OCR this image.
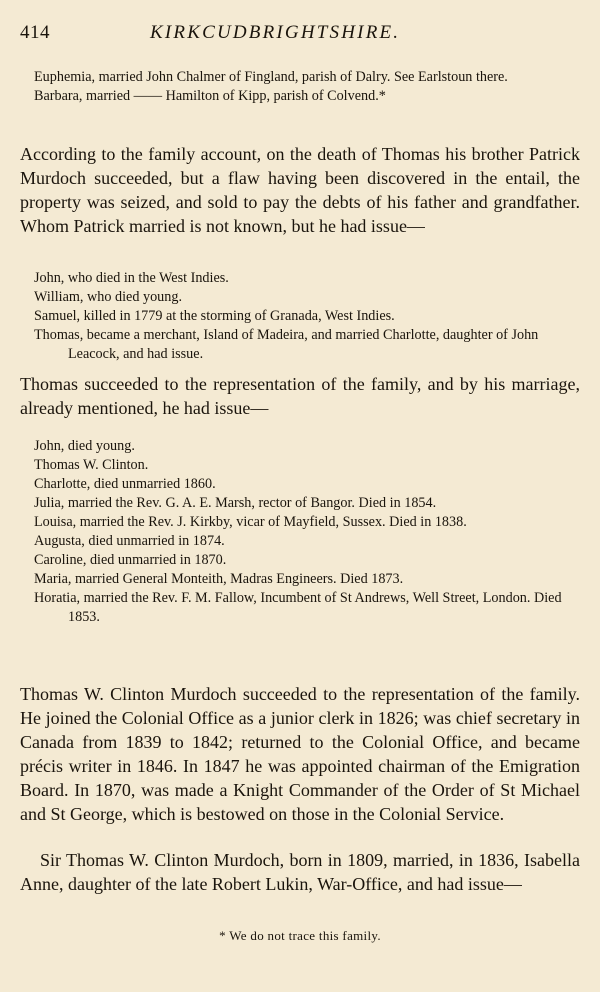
414	KIRKCUDBRIGHTSHIRE.
Euphemia, married John Chalmer of Fingland, parish of Dalry. See Earlstoun there.
Barbara, married —— Hamilton of Kipp, parish of Colvend.*

According to the family account, on the death of Thomas his brother Patrick Murdoch succeeded, but a flaw having been discovered in the entail, the property was seized, and sold to pay the debts of his father and grandfather. Whom Patrick married is not known, but he had issue—

John, who died in the West Indies.
William, who died young.
Samuel, killed in 1779 at the storming of Granada, West Indies.
Thomas, became a merchant, Island of Madeira, and married Charlotte, daughter of John Leacock, and had issue.

Thomas succeeded to the representation of the family, and by his marriage, already mentioned, he had issue—

John, died young.
Thomas W. Clinton.
Charlotte, died unmarried 1860.
Julia, married the Rev. G. A. E. Marsh, rector of Bangor. Died in 1854.
Louisa, married the Rev. J. Kirkby, vicar of Mayfield, Sussex. Died in 1838.
Augusta, died unmarried in 1874.
Caroline, died unmarried in 1870.
Maria, married General Monteith, Madras Engineers. Died 1873.
Horatia, married the Rev. F. M. Fallow, Incumbent of St Andrews, Well Street, London. Died 1853.

Thomas W. Clinton Murdoch succeeded to the representation of the family. He joined the Colonial Office as a junior clerk in 1826; was chief secretary in Canada from 1839 to 1842; returned to the Colonial Office, and became précis writer in 1846. In 1847 he was appointed chairman of the Emigration Board. In 1870, was made a Knight Commander of the Order of St Michael and St George, which is bestowed on those in the Colonial Service.

Sir Thomas W. Clinton Murdoch, born in 1809, married, in 1836, Isabella Anne, daughter of the late Robert Lukin, War-Office, and had issue—

* We do not trace this family.
